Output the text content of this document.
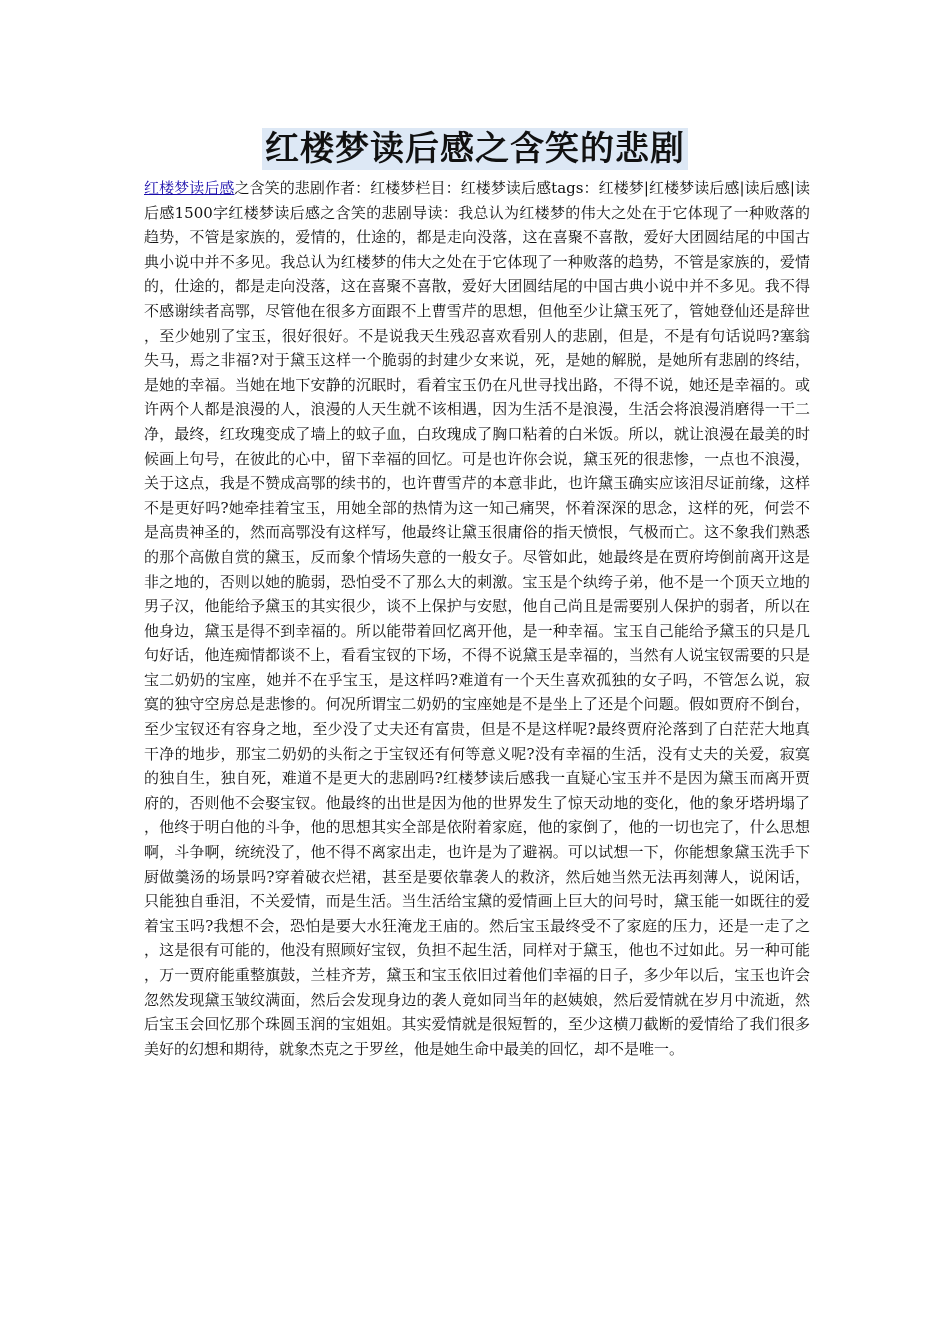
红楼梦读后感之含笑的悲剧

红楼梦读后感之含笑的悲剧作者：红楼梦栏目：红楼梦读后感tags：红楼梦|红楼梦读后感|读后感|读后感1500字红楼梦读后感之含笑的悲剧导读：我总认为红楼梦的伟大之处在于它体现了一种败落的趋势，不管是家族的，爱情的，仕途的，都是走向没落，这在喜聚不喜散，爱好大团圆结尾的中国古典小说中并不多见。我总认为红楼梦的伟大之处在于它体现了一种败落的趋势，不管是家族的，爱情的，仕途的，都是走向没落，这在喜聚不喜散，爱好大团圆结尾的中国古典小说中并不多见。我不得不感谢续者高鄂，尽管他在很多方面跟不上曹雪芹的思想，但他至少让黛玉死了，管她登仙还是辞世，至少她别了宝玉，很好很好。不是说我天生残忍喜欢看别人的悲剧，但是，不是有句话说吗?塞翁失马，焉之非福?对于黛玉这样一个脆弱的封建少女来说，死，是她的解脱，是她所有悲剧的终结，是她的幸福。当她在地下安静的沉眠时，看着宝玉仍在凡世寻找出路，不得不说，她还是幸福的。或许两个人都是浪漫的人，浪漫的人天生就不该相遇，因为生活不是浪漫，生活会将浪漫消磨得一干二净，最终，红玫瑰变成了墙上的蚊子血，白玫瑰成了胸口粘着的白米饭。所以，就让浪漫在最美的时候画上句号，在彼此的心中，留下幸福的回忆。可是也许你会说，黛玉死的很悲惨，一点也不浪漫，关于这点，我是不赞成高鄂的续书的，也许曹雪芹的本意非此，也许黛玉确实应该泪尽证前缘，这样不是更好吗?她牵挂着宝玉，用她全部的热情为这一知己痛哭，怀着深深的思念，这样的死，何尝不是高贵神圣的，然而高鄂没有这样写，他最终让黛玉很庸俗的指天愤恨，气极而亡。这不象我们熟悉的那个高傲自赏的黛玉，反而象个情场失意的一般女子。尽管如此，她最终是在贾府垮倒前离开这是非之地的，否则以她的脆弱，恐怕受不了那么大的刺激。宝玉是个纨绔子弟，他不是一个顶天立地的男子汉，他能给予黛玉的其实很少，谈不上保护与安慰，他自己尚且是需要别人保护的弱者，所以在他身边，黛玉是得不到幸福的。所以能带着回忆离开他，是一种幸福。宝玉自己能给予黛玉的只是几句好话，他连痴情都谈不上，看看宝钗的下场，不得不说黛玉是幸福的，当然有人说宝钗需要的只是宝二奶奶的宝座，她并不在乎宝玉，是这样吗?难道有一个天生喜欢孤独的女子吗，不管怎么说，寂寞的独守空房总是悲惨的。何况所谓宝二奶奶的宝座她是不是坐上了还是个问题。假如贾府不倒台，至少宝钗还有容身之地，至少没了丈夫还有富贵，但是不是这样呢?最终贾府沦落到了白茫茫大地真干净的地步，那宝二奶奶的头衔之于宝钗还有何等意义呢?没有幸福的生活，没有丈夫的关爱，寂寞的独自生，独自死，难道不是更大的悲剧吗?红楼梦读后感我一直疑心宝玉并不是因为黛玉而离开贾府的，否则他不会娶宝钗。他最终的出世是因为他的世界发生了惊天动地的变化，他的象牙塔坍塌了，他终于明白他的斗争，他的思想其实全部是依附着家庭，他的家倒了，他的一切也完了，什么思想啊，斗争啊，统统没了，他不得不离家出走，也许是为了避祸。可以试想一下，你能想象黛玉洗手下厨做羹汤的场景吗?穿着破衣烂裙，甚至是要依靠袭人的救济，然后她当然无法再刻薄人，说闲话，只能独自垂泪，不关爱情，而是生活。当生活给宝黛的爱情画上巨大的问号时，黛玉能一如既往的爱着宝玉吗?我想不会，恐怕是要大水狂淹龙王庙的。然后宝玉最终受不了家庭的压力，还是一走了之，这是很有可能的，他没有照顾好宝钗，负担不起生活，同样对于黛玉，他也不过如此。另一种可能，万一贾府能重整旗鼓，兰桂齐芳，黛玉和宝玉依旧过着他们幸福的日子，多少年以后，宝玉也许会忽然发现黛玉皱纹满面，然后会发现身边的袭人竟如同当年的赵姨娘，然后爱情就在岁月中流逝，然后宝玉会回忆那个珠圆玉润的宝姐姐。其实爱情就是很短暂的，至少这横刀截断的爱情给了我们很多美好的幻想和期待，就象杰克之于罗丝，他是她生命中最美的回忆，却不是唯一。
